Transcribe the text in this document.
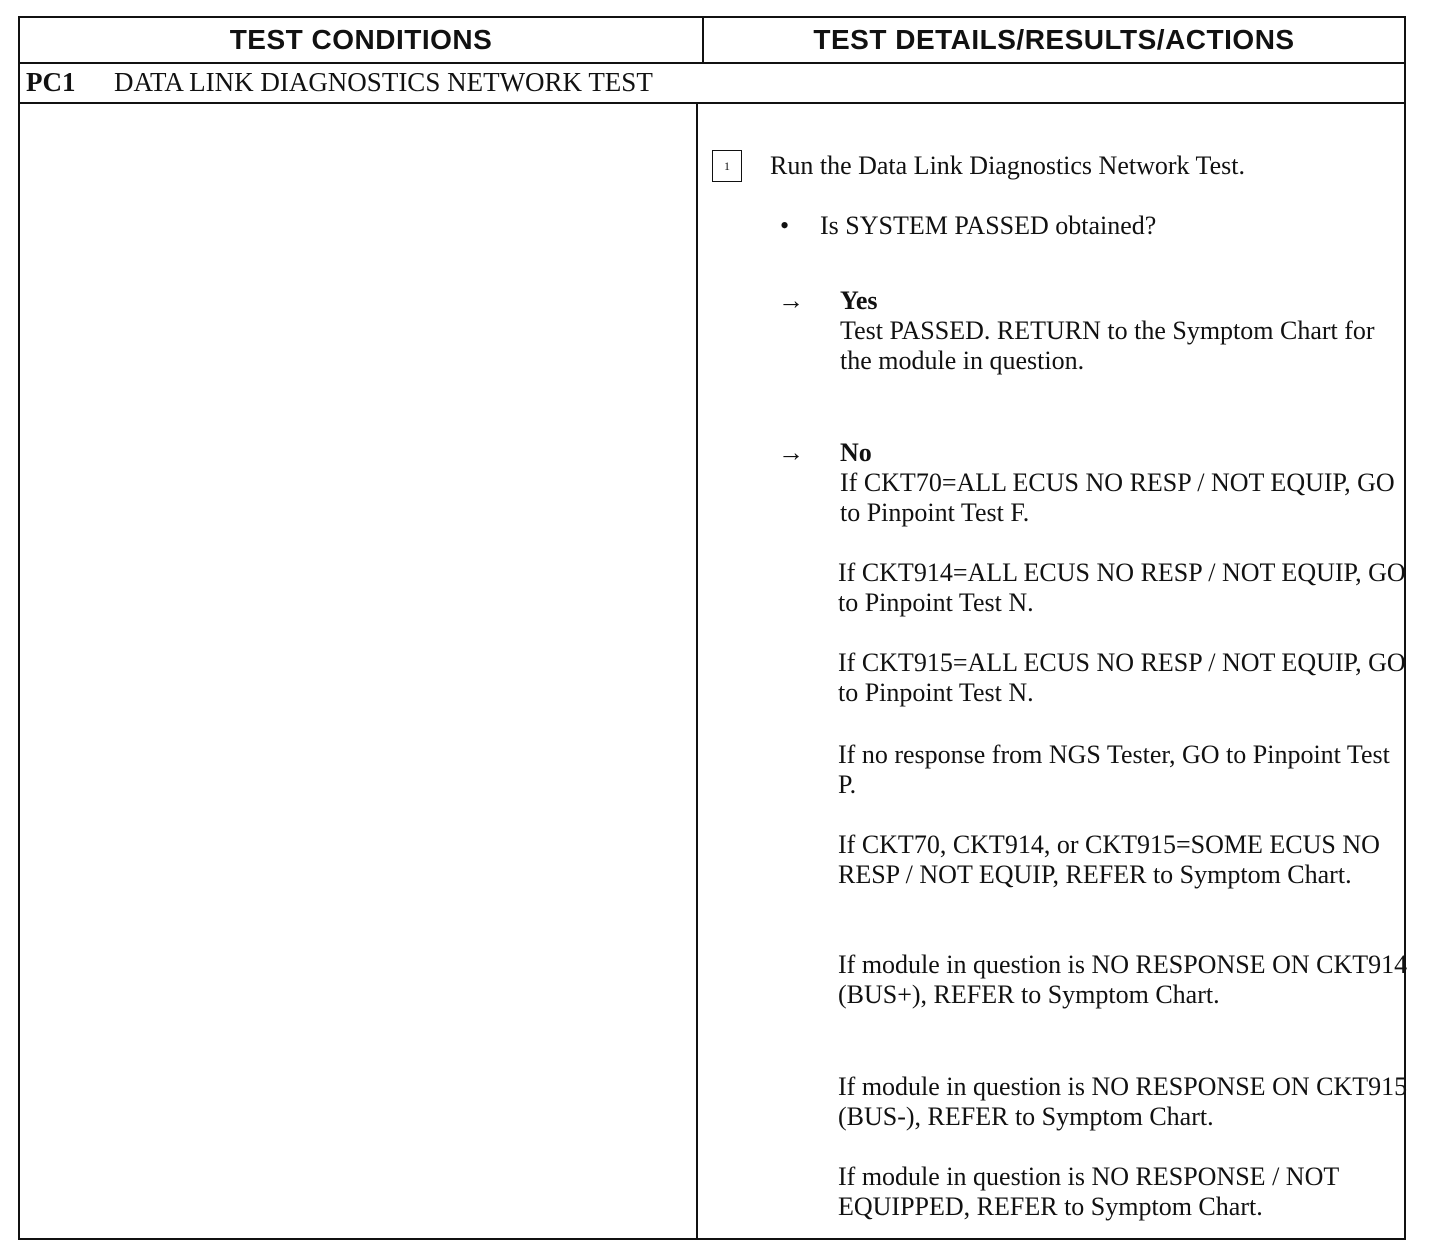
TEST CONDITIONS	TEST DETAILS/RESULTS/ACTIONS
PC1	DATA LINK DIAGNOSTICS NETWORK TEST
1	Run the Data Link Diagnostics Network Test.
• Is SYSTEM PASSED obtained?
→ Yes
Test PASSED. RETURN to the Symptom Chart for the module in question.
→ No
If CKT70=ALL ECUS NO RESP / NOT EQUIP, GO to Pinpoint Test F.
If CKT914=ALL ECUS NO RESP / NOT EQUIP, GO to Pinpoint Test N.
If CKT915=ALL ECUS NO RESP / NOT EQUIP, GO to Pinpoint Test N.
If no response from NGS Tester, GO to Pinpoint Test P.
If CKT70, CKT914, or CKT915=SOME ECUS NO RESP / NOT EQUIP, REFER to Symptom Chart.
If module in question is NO RESPONSE ON CKT914 (BUS+), REFER to Symptom Chart.
If module in question is NO RESPONSE ON CKT915 (BUS-), REFER to Symptom Chart.
If module in question is NO RESPONSE / NOT EQUIPPED, REFER to Symptom Chart.
